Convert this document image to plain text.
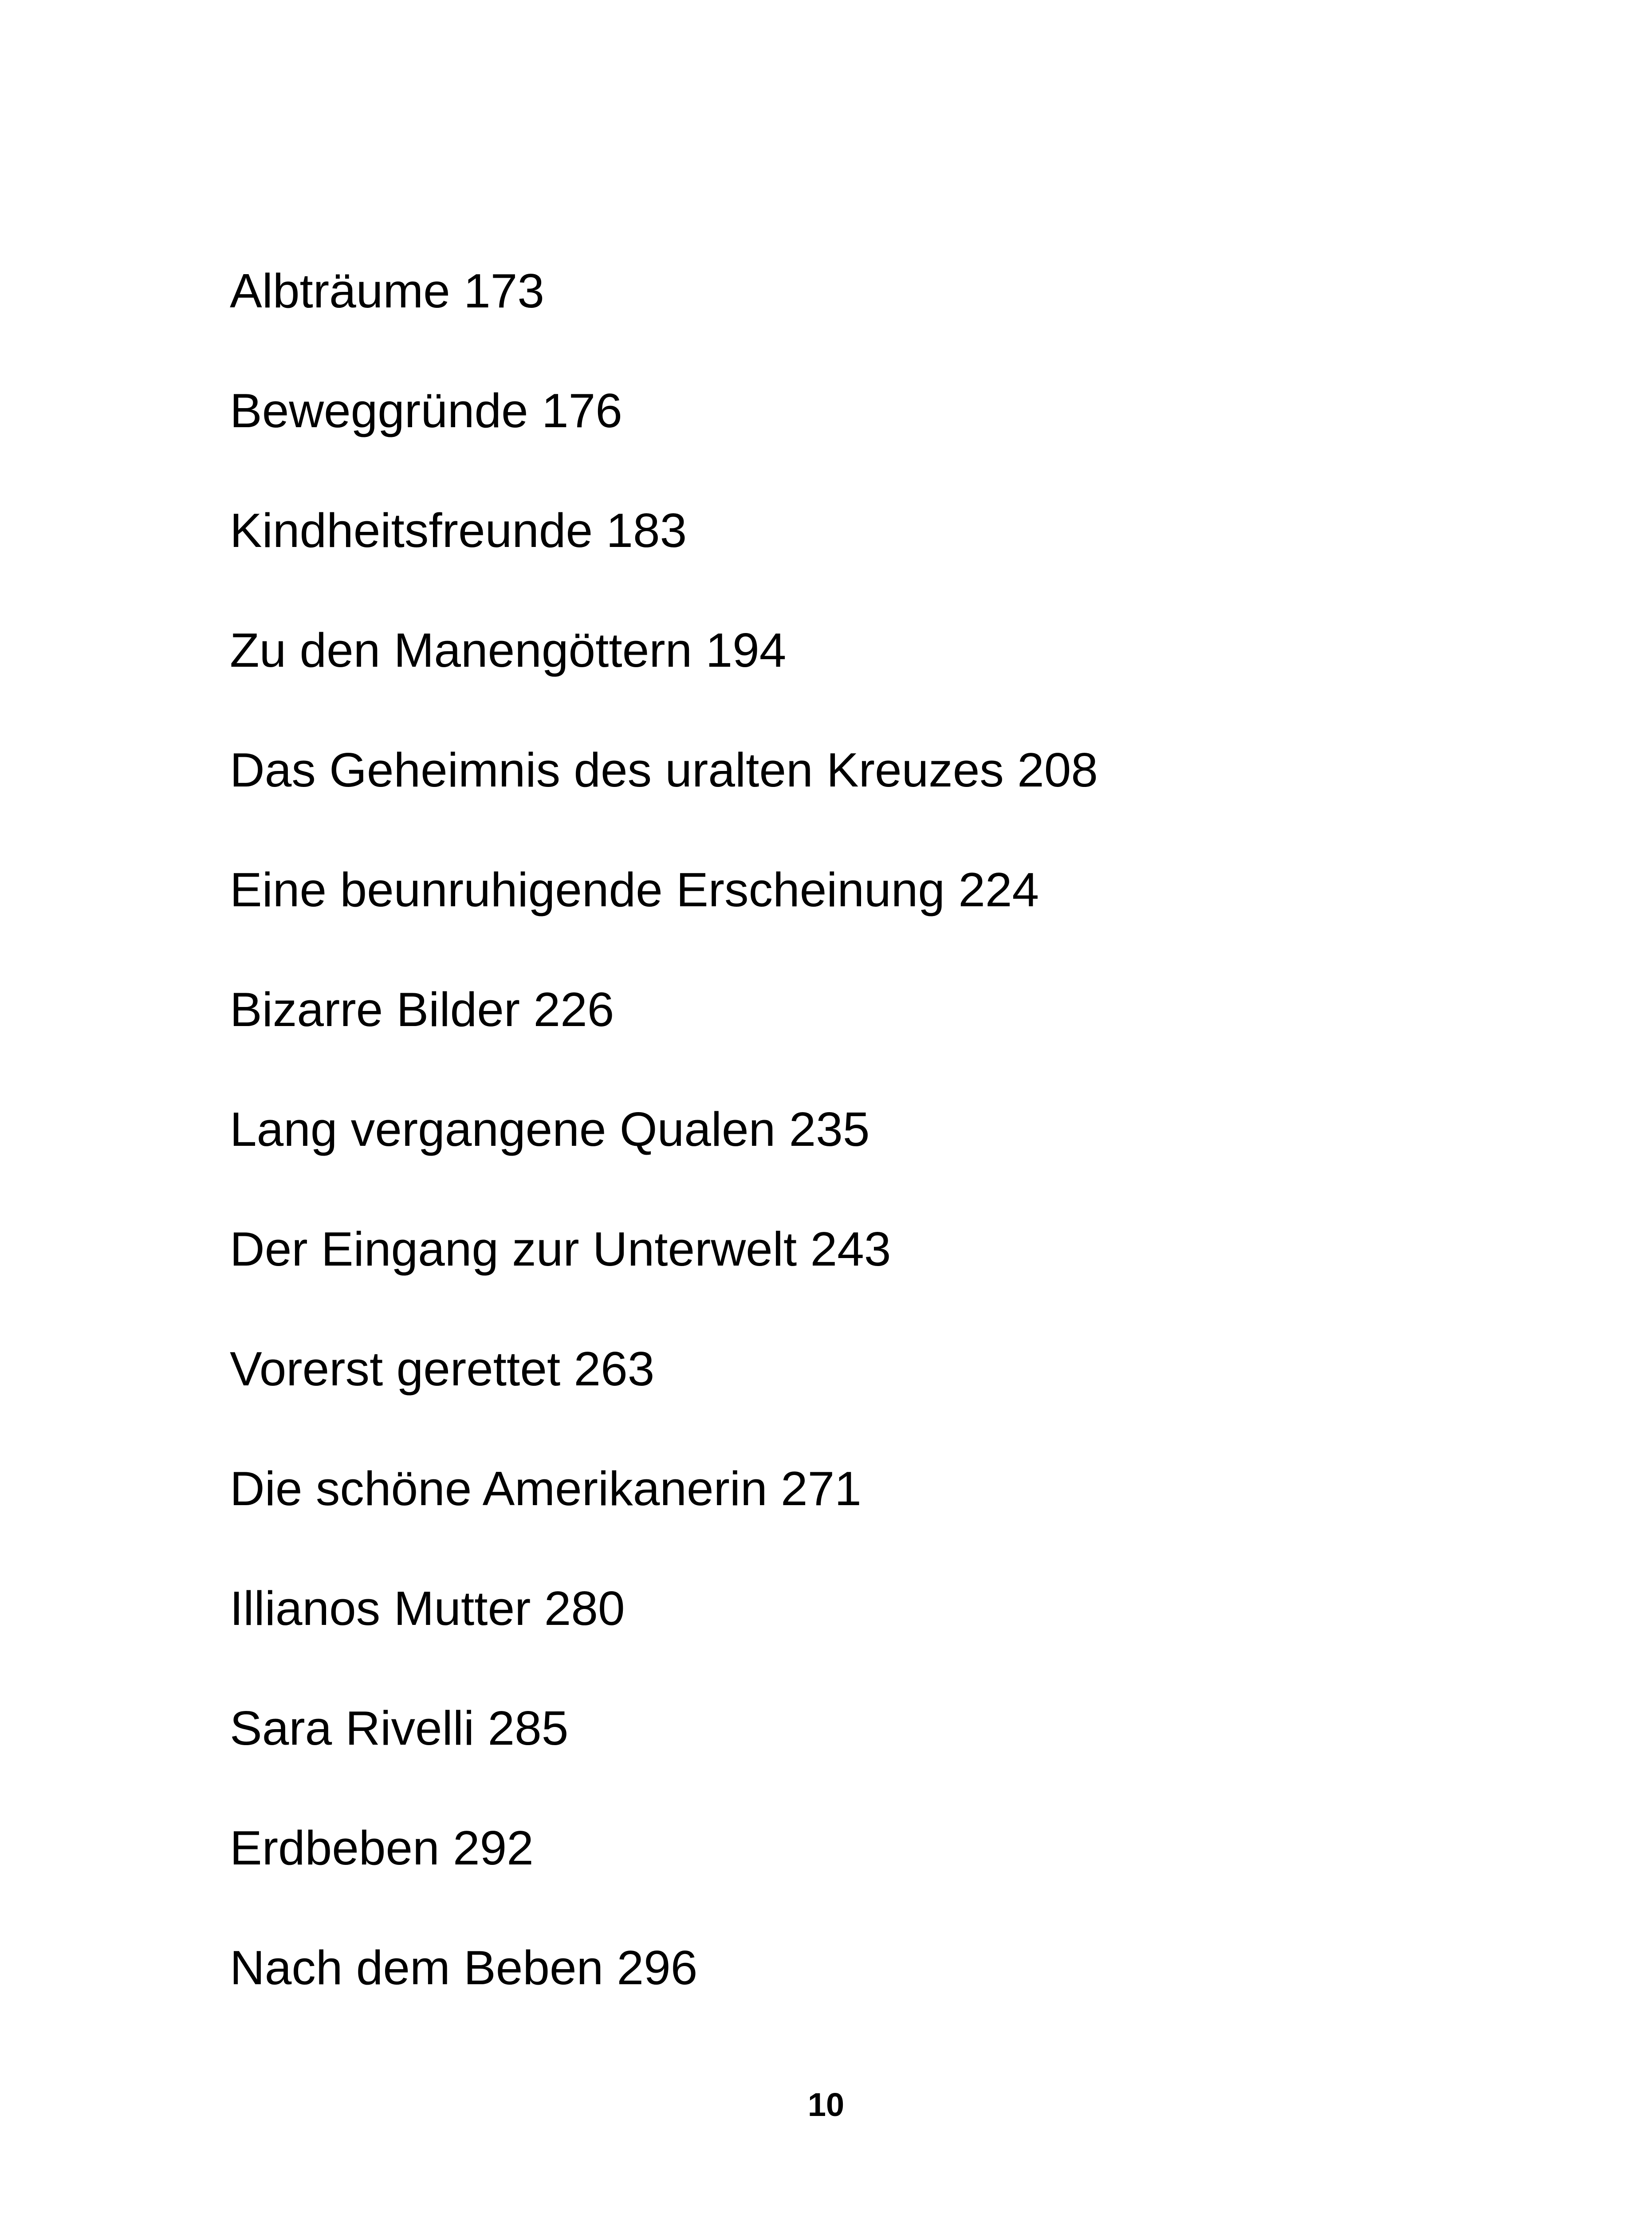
Albträume 173
Beweggründe 176
Kindheitsfreunde 183
Zu den Manengöttern 194
Das Geheimnis des uralten Kreuzes 208
Eine beunruhigende Erscheinung 224
Bizarre Bilder 226
Lang vergangene Qualen 235
Der Eingang zur Unterwelt 243
Vorerst gerettet 263
Die schöne Amerikanerin 271
Illianos Mutter 280
Sara Rivelli 285
Erdbeben 292
Nach dem Beben 296
10
